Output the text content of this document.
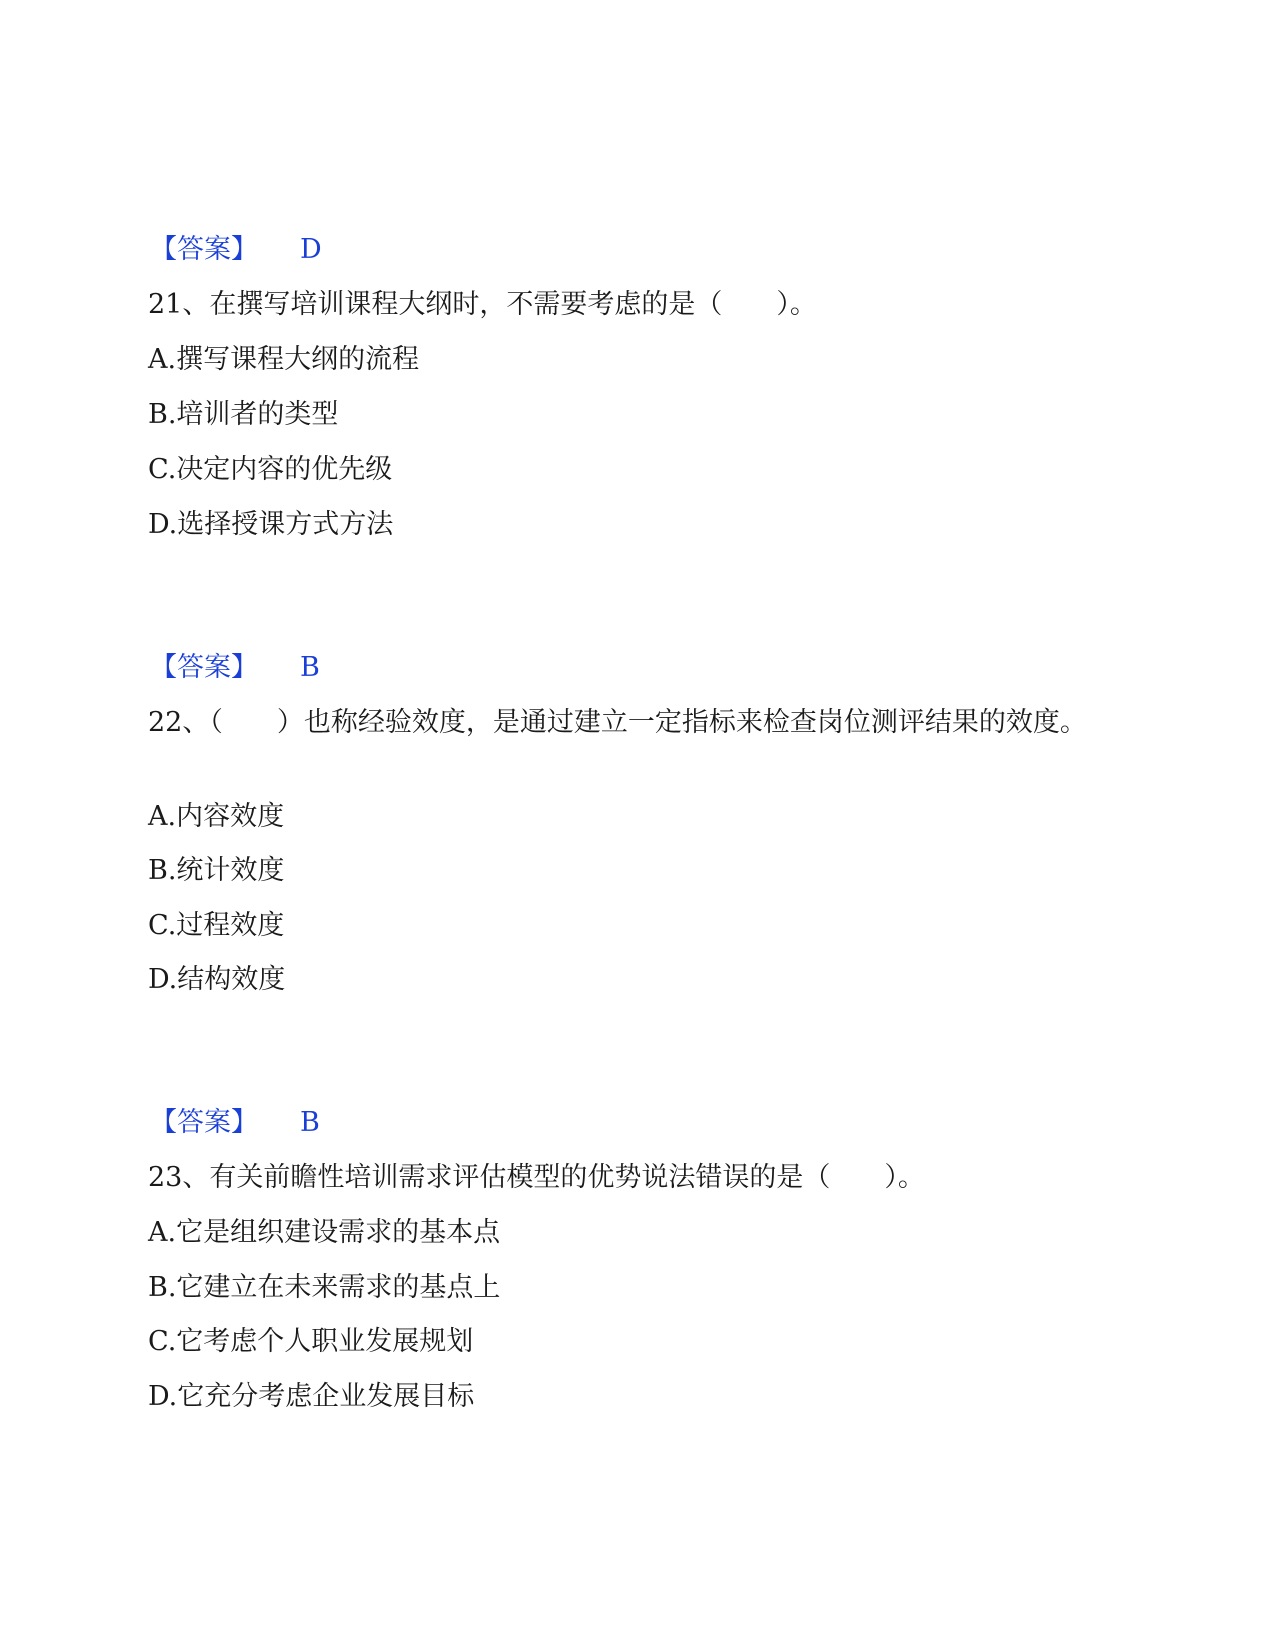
【答案】 D
21、在撰写培训课程大纲时，不需要考虑的是（　　）。
A.撰写课程大纲的流程
B.培训者的类型
C.决定内容的优先级
D.选择授课方式方法
【答案】 B
22、（　　）也称经验效度，是通过建立一定指标来检查岗位测评结果的效度。
A.内容效度
B.统计效度
C.过程效度
D.结构效度
【答案】 B
23、有关前瞻性培训需求评估模型的优势说法错误的是（　　）。
A.它是组织建设需求的基本点
B.它建立在未来需求的基点上
C.它考虑个人职业发展规划
D.它充分考虑企业发展目标
